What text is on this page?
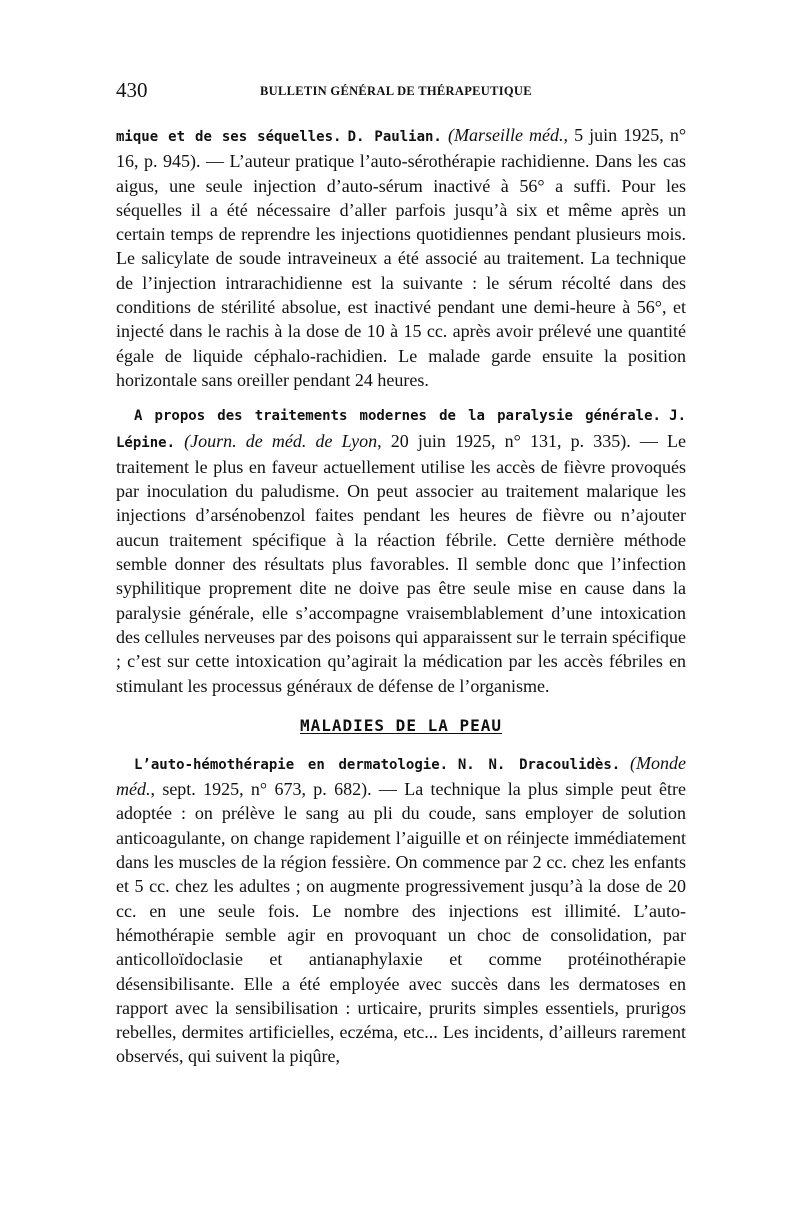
430	BULLETIN GÉNÉRAL DE THÉRAPEUTIQUE

mique et de ses séquelles. D. Paulian. (Marseille méd., 5 juin 1925, n° 16, p. 945). — L’auteur pratique l’auto-sérothérapie rachidienne. Dans les cas aigus, une seule injection d’auto-sérum inactivé à 56° a suffi. Pour les séquelles il a été nécessaire d’aller parfois jusqu’à six et même après un certain temps de reprendre les injections quotidiennes pendant plusieurs mois. Le salicylate de soude intraveineux a été associé au traitement. La technique de l’injection intrarachidienne est la suivante : le sérum récolté dans des conditions de stérilité absolue, est inactivé pendant une demi-heure à 56°, et injecté dans le rachis à la dose de 10 à 15 cc. après avoir prélevé une quantité égale de liquide céphalo-rachidien. Le malade garde ensuite la position horizontale sans oreiller pendant 24 heures.

A propos des traitements modernes de la paralysie générale. J. Lépine. (Journ. de méd. de Lyon, 20 juin 1925, n° 131, p. 335). — Le traitement le plus en faveur actuellement utilise les accès de fièvre provoqués par inoculation du paludisme. On peut associer au traitement malarique les injections d’arsénobenzol faites pendant les heures de fièvre ou n’ajouter aucun traitement spécifique à la réaction fébrile. Cette dernière méthode semble donner des résultats plus favorables. Il semble donc que l’infection syphilitique proprement dite ne doive pas être seule mise en cause dans la paralysie générale, elle s’accompagne vraisemblablement d’une intoxication des cellules nerveuses par des poisons qui apparaissent sur le terrain spécifique ; c’est sur cette intoxication qu’agirait la médication par les accès fébriles en stimulant les processus généraux de défense de l’organisme.

MALADIES DE LA PEAU

L’auto-hémothérapie en dermatologie. N. N. Dracoulidès. (Monde méd., sept. 1925, n° 673, p. 682). — La technique la plus simple peut être adoptée : on prélève le sang au pli du coude, sans employer de solution anticoagulante, on change rapidement l’aiguille et on réinjecte immédiatement dans les muscles de la région fessière. On commence par 2 cc. chez les enfants et 5 cc. chez les adultes ; on augmente progressivement jusqu’à la dose de 20 cc. en une seule fois. Le nombre des injections est illimité. L’auto-hémothérapie semble agir en provoquant un choc de consolidation, par anticolloïdoclasie et antianaphylaxie et comme protéinothérapie désensibilisante. Elle a été employée avec succès dans les dermatoses en rapport avec la sensibilisation : urticaire, prurits simples essentiels, prurigos rebelles, dermites artificielles, eczéma, etc... Les incidents, d’ailleurs rarement observés, qui suivent la piqûre,
